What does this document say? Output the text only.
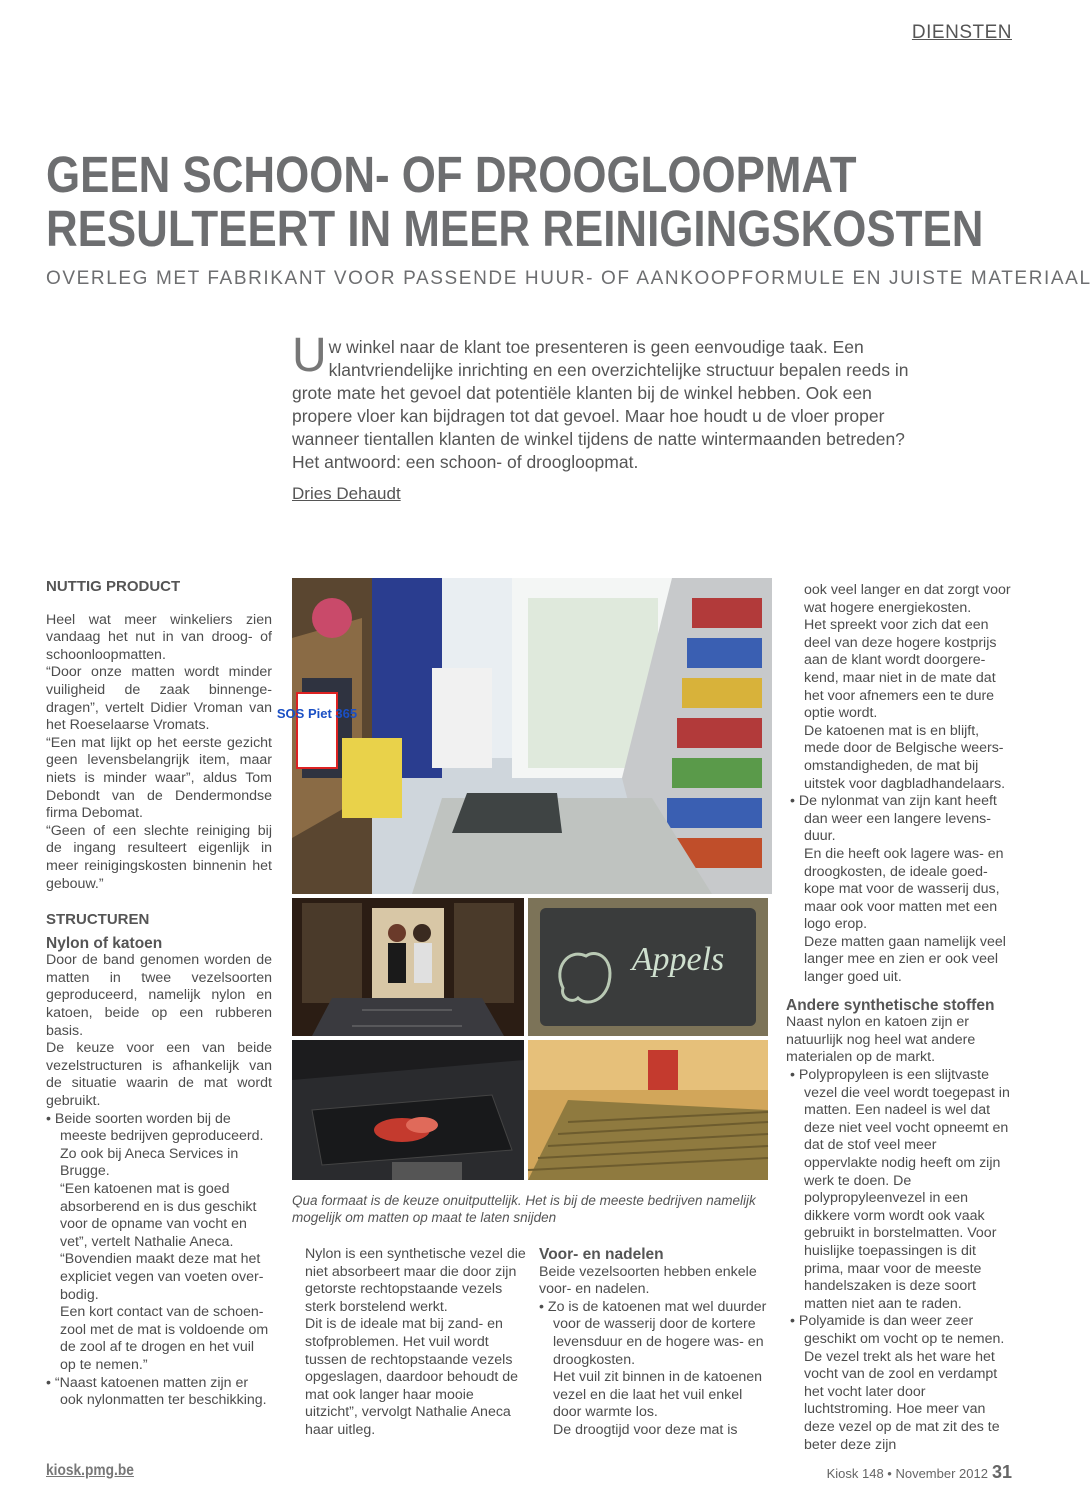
DIENSTEN
GEEN SCHOON- OF DROOGLOOPMAT
RESULTEERT IN MEER REINIGINGSKOSTEN
OVERLEG MET FABRIKANT VOOR PASSENDE HUUR- OF AANKOOPFORMULE EN JUISTE MATERIAAL
Uw winkel naar de klant toe presenteren is geen eenvoudige taak. Een klantvriendelijke inrichting en een overzichtelijke structuur bepalen reeds in grote mate het gevoel dat potentiële klanten bij de winkel hebben. Ook een propere vloer kan bijdragen tot dat gevoel. Maar hoe houdt u de vloer proper wanneer tientallen klanten de winkel tijdens de natte wintermaanden betreden? Het antwoord: een schoon- of droogloopmat.
Dries Dehaudt

NUTTIG PRODUCT

Heel wat meer winkeliers zien vandaag het nut in van droog- of schoonloopmatten.

“Door onze matten wordt minder vuiligheid de zaak binnenge-dragen”, vertelt Didier Vroman van het Roeselaarse Vromats.

“Een mat lijkt op het eerste gezicht geen levensbelangrijk item, maar niets is minder waar”, aldus Tom Debondt van de Dendermondse firma Debomat.

“Geen of een slechte reiniging bij de ingang resulteert eigenlijk in meer reinigingskosten binnenin het gebouw.”

STRUCTUREN

Nylon of katoen

Door de band genomen worden de matten in twee vezelsoorten geproduceerd, namelijk nylon en katoen, beide op een rubberen basis.

De keuze voor een van beide vezelstructuren is afhankelijk van de situatie waarin de mat wordt gebruikt.

• Beide soorten worden bij de meeste bedrijven geproduceerd. Zo ook bij Aneca Services in Brugge.

“Een katoenen mat is goed absorberend en is dus geschikt voor de opname van vocht en vet”, vertelt Nathalie Aneca.

“Bovendien maakt deze mat het expliciet vegen van voeten over-bodig.

Een kort contact van de schoen-zool met de mat is voldoende om de zool af te drogen en het vuil op te nemen.”

• “Naast katoenen matten zijn er ook nylonmatten ter beschikking.

SOS Piet 365
Appels
Qua formaat is de keuze onuitputtelijk. Het is bij de meeste bedrijven namelijk mogelijk om matten op maat te laten snijden

Nylon is een synthetische vezel die niet absorbeert maar die door zijn getorste rechtopstaande vezels sterk borstelend werkt.

Dit is de ideale mat bij zand- en stofproblemen. Het vuil wordt tussen de rechtopstaande vezels opgeslagen, daardoor behoudt de mat ook langer haar mooie uitzicht”, vervolgt Nathalie Aneca haar uitleg.

Voor- en nadelen

Beide vezelsoorten hebben enkele voor- en nadelen.

• Zo is de katoenen mat wel duurder voor de wasserij door de kortere levensduur en de hogere was- en droogkosten.

Het vuil zit binnen in de katoenen vezel en die laat het vuil enkel door warmte los.

De droogtijd voor deze mat is

ook veel langer en dat zorgt voor wat hogere energiekosten.

Het spreekt voor zich dat een deel van deze hogere kostprijs aan de klant wordt doorgere-kend, maar niet in de mate dat het voor afnemers een te dure optie wordt.

De katoenen mat is en blijft, mede door de Belgische weers-omstandigheden, de mat bij uitstek voor dagbladhandelaars.

• De nylonmat van zijn kant heeft dan weer een langere levens-duur.

En die heeft ook lagere was- en droogkosten, de ideale goed-kope mat voor de wasserij dus, maar ook voor matten met een logo erop.

Deze matten gaan namelijk veel langer mee en zien er ook veel langer goed uit.

Andere synthetische stoffen

Naast nylon en katoen zijn er natuurlijk nog heel wat andere materialen op de markt.

• Polypropyleen is een slijtvaste vezel die veel wordt toegepast in matten. Een nadeel is wel dat deze niet veel vocht opneemt en dat de stof veel meer oppervlakte nodig heeft om zijn werk te doen. De polypropyleenvezel in een dikkere vorm wordt ook vaak gebruikt in borstelmatten. Voor huislijke toepassingen is dit prima, maar voor de meeste handelszaken is deze soort matten niet aan te raden.

• Polyamide is dan weer zeer geschikt om vocht op te nemen. De vezel trekt als het ware het vocht van de zool en verdampt het vocht later door luchtstroming. Hoe meer van deze vezel op de mat zit des te beter deze zijn

kiosk.pmg.be	Kiosk 148 • November 2012 31
